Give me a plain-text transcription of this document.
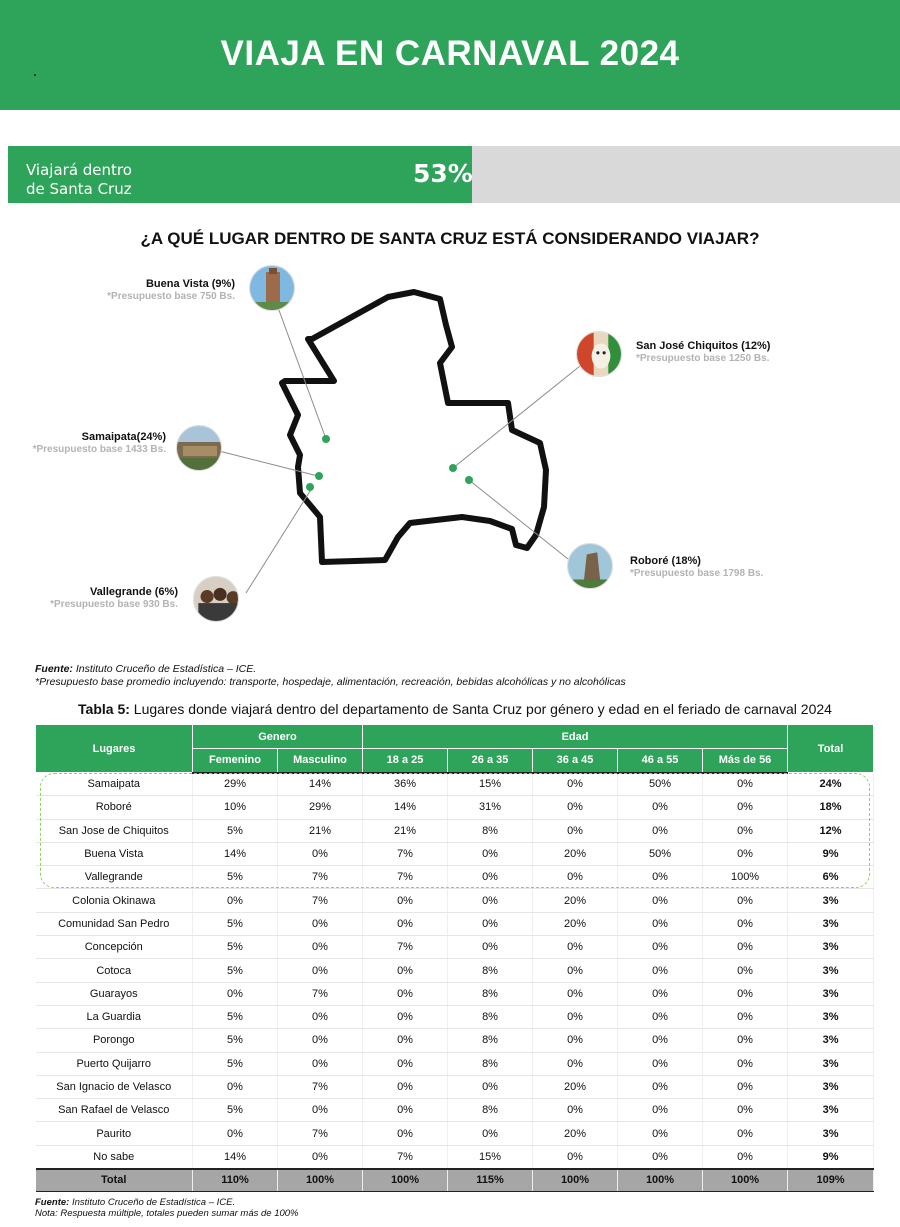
VIAJA EN CARNAVAL 2024
Viajará dentro
de Santa Cruz
53%
¿A QUÉ LUGAR DENTRO DE SANTA CRUZ ESTÁ CONSIDERANDO VIAJAR?
Buena Vista (9%)
*Presupuesto base 750 Bs.
Samaipata(24%)
*Presupuesto base 1433 Bs.
Vallegrande (6%)
*Presupuesto base 930 Bs.
San José Chiquitos (12%)
*Presupuesto base 1250 Bs.
Roboré (18%)
*Presupuesto base 1798 Bs.
Fuente: Instituto Cruceño de Estadística – ICE.
*Presupuesto base promedio incluyendo: transporte, hospedaje, alimentación, recreación, bebidas alcohólicas y no alcohólicas
Tabla 5: Lugares donde viajará dentro del departamento de Santa Cruz por género y edad en el feriado de carnaval 2024
Lugares	Genero		Edad					Total
	Femenino	Masculino	18 a 25	26 a 35	36 a 45	46 a 55	Más de 56	
Samaipata	29%	14%	36%	15%	0%	50%	0%	24%
Roboré	10%	29%	14%	31%	0%	0%	0%	18%
San Jose de Chiquitos	5%	21%	21%	8%	0%	0%	0%	12%
Buena Vista	14%	0%	7%	0%	20%	50%	0%	9%
Vallegrande	5%	7%	7%	0%	0%	0%	100%	6%
Colonia Okinawa	0%	7%	0%	0%	20%	0%	0%	3%
Comunidad San Pedro	5%	0%	0%	0%	20%	0%	0%	3%
Concepción	5%	0%	7%	0%	0%	0%	0%	3%
Cotoca	5%	0%	0%	8%	0%	0%	0%	3%
Guarayos	0%	7%	0%	8%	0%	0%	0%	3%
La Guardia	5%	0%	0%	8%	0%	0%	0%	3%
Porongo	5%	0%	0%	8%	0%	0%	0%	3%
Puerto Quijarro	5%	0%	0%	8%	0%	0%	0%	3%
San Ignacio de Velasco	0%	7%	0%	0%	20%	0%	0%	3%
San Rafael de Velasco	5%	0%	0%	8%	0%	0%	0%	3%
Paurito	0%	7%	0%	0%	20%	0%	0%	3%
No sabe	14%	0%	7%	15%	0%	0%	0%	9%
Total	110%	100%	100%	115%	100%	100%	100%	109%
Fuente: Instituto Cruceño de Estadística – ICE.
Nota: Respuesta múltiple, totales pueden sumar más de 100%
